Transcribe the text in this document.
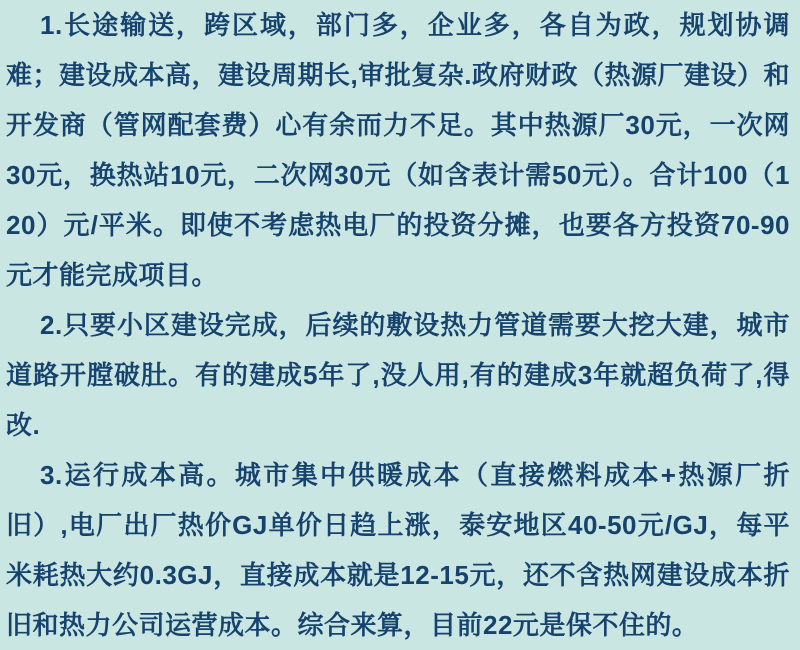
1.长途输送，跨区域，部门多，企业多，各自为政，规划协调难；建设成本高，建设周期长,审批复杂.政府财政（热源厂建设）和开发商（管网配套费）心有余而力不足。其中热源厂30元，一次网30元，换热站10元，二次网30元（如含表计需50元）。合计100（120）元/平米。即使不考虑热电厂的投资分摊，也要各方投资70-90元才能完成项目。

2.只要小区建设完成，后续的敷设热力管道需要大挖大建，城市道路开膛破肚。有的建成5年了,没人用,有的建成3年就超负荷了,得改.

3.运行成本高。城市集中供暖成本（直接燃料成本+热源厂折旧）,电厂出厂热价GJ单价日趋上涨，泰安地区40-50元/GJ，每平米耗热大约0.3GJ，直接成本就是12-15元，还不含热网建设成本折旧和热力公司运营成本。综合来算，目前22元是保不住的。
